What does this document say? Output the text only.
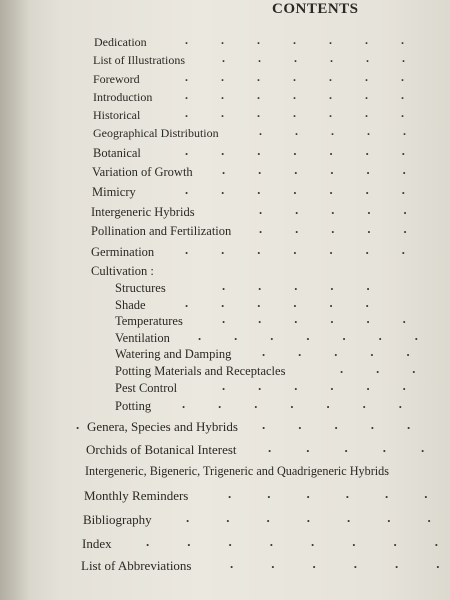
CONTENTS
Dedication	.	.	.	.	.	.	.
List of Illustrations	.	.	.	.	.	.
Foreword	.	.	.	.	.	.	.
Introduction	.	.	.	.	.	.	.
Historical	.	.	.	.	.	.	.
Geographical Distribution	.	.	.	.	.
Botanical	.	.	.	.	.	.	.
Variation of Growth .	.	.	.	.	.
Mimicry	.	.	.	.	.	.	.
Intergeneric Hybrids	.	.	.	.	.
Pollination and Fertilization .	.	.	.	.
Germination .	.	.	.	.	.	.
Cultivation :
Structures	.	.	.	.	.
Shade	.	.	.	.	.	.
Temperatures	.	.	.	.	.	.
Ventilation .	.	.	.	.	.	.
Watering and Damping .	.	.	.	.
Potting Materials and Receptacles	.	.	.
Pest Control	.	.	.	.	.	.
Potting .	.	.	.	.	.	.
Genera, Species and Hybrids .	.	.	.	.
.
Orchids of Botanical Interest .	.	.	.	.
Intergeneric, Bigeneric, Trigeneric and Quadrigeneric Hybrids
Monthly Reminders	.	.	.	.	.	.
Bibliography	.	.	.	.	.	.	.
Index	.	.	.	.	.	.	.	.
List of Abbreviations	.	.	.	.	.	.
